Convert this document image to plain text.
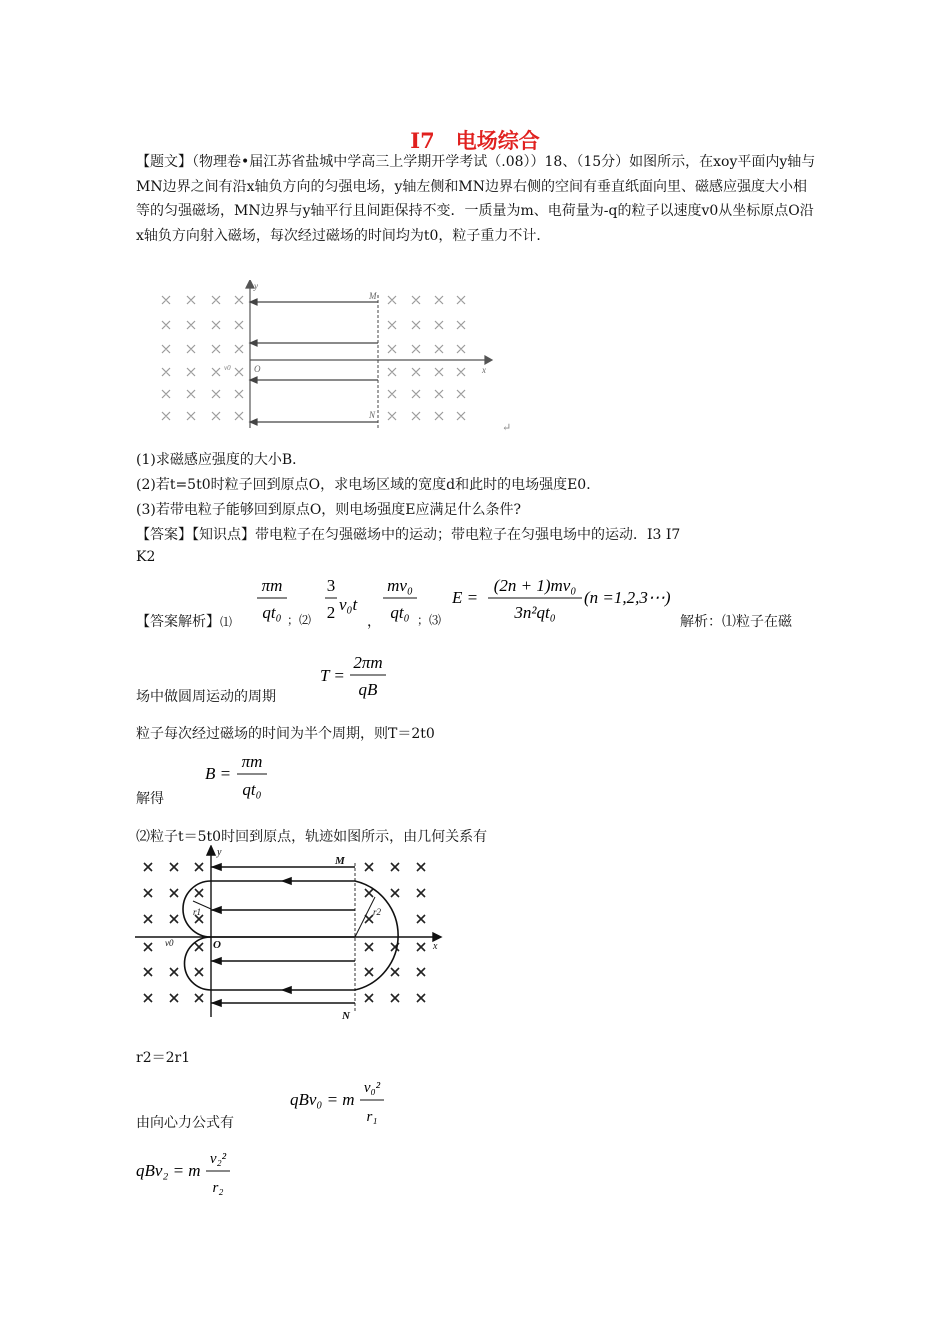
I7　电场综合
【题文】（物理卷•届江苏省盐城中学高三上学期开学考试（.08））18、（15分）如图所示，在xoy平面内y轴与MN边界之间有沿x轴负方向的匀强电场，y轴左侧和MN边界右侧的空间有垂直纸面向里、磁感应强度大小相等的匀强磁场，MN边界与y轴平行且间距保持不变．一质量为m、电荷量为-q的粒子以速度v0从坐标原点O沿x轴负方向射入磁场，每次经过磁场的时间均为t0，粒子重力不计．
y
M
O	x
N
v0
↵
(1)求磁感应强度的大小B．
(2)若t=5t0时粒子回到原点O，求电场区域的宽度d和此时的电场强度E0．
(3)若带电粒子能够回到原点O，则电场强度E应满足什么条件?
【答案】【知识点】带电粒子在匀强磁场中的运动；带电粒子在匀强电场中的运动．I3 I7
K2
【答案解析】⑴
πm
qt₀ ；⑵
3
2 v₀t
，
mv₀
qt₀ ；⑶
E =
(2n + 1)mv₀
3n²qt₀
(n =1,2,3⋯)
解析：⑴粒子在磁
场中做圆周运动的周期
T =
2πm
qB
粒子每次经过磁场的时间为半个周期，则T＝2t0
解得
B =
πm
qt₀
⑵粒子t＝5t0时回到原点，轨迹如图所示，由几何关系有
y
M
x
O
v0
N
r1	r2
r2＝2r1
由向心力公式有
qBv₀ = m
v₀²
r₁
qBv₂ = m
v₂²
r₂
